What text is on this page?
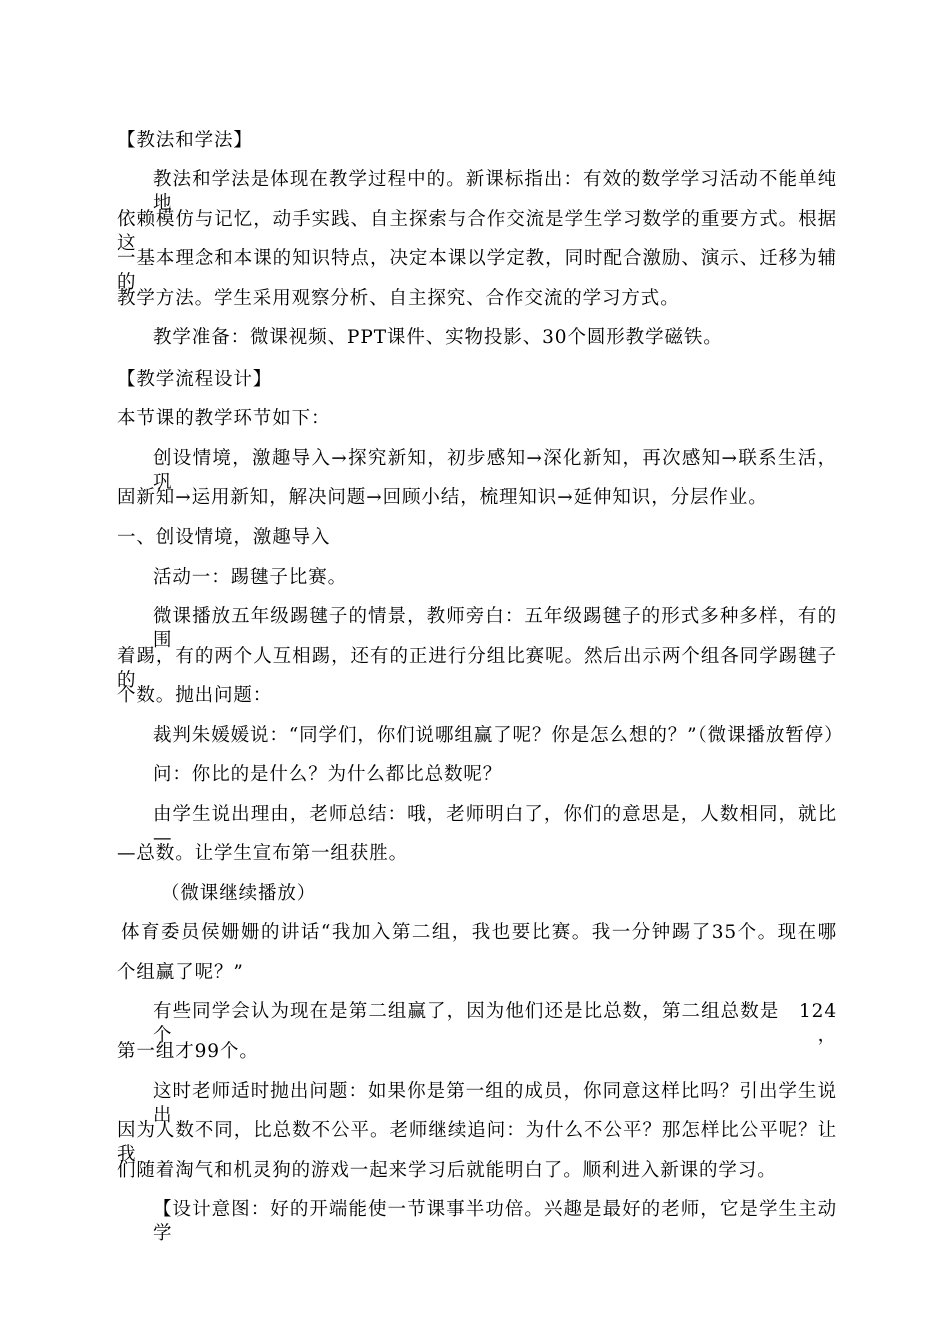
【教法和学法】
教法和学法是体现在教学过程中的。新课标指出：有效的数学学习活动不能单纯地
依赖模仿与记忆，动手实践、自主探索与合作交流是学生学习数学的重要方式。根据这
一基本理念和本课的知识特点，决定本课以学定教，同时配合激励、演示、迁移为辅的
教学方法。学生采用观察分析、自主探究、合作交流的学习方式。
教学准备：微课视频、PPT课件、实物投影、30个圆形教学磁铁。
【教学流程设计】
本节课的教学环节如下：
创设情境，激趣导入→探究新知，初步感知→深化新知，再次感知→联系生活，巩
固新知→运用新知，解决问题→回顾小结，梳理知识→延伸知识，分层作业。
一、创设情境，激趣导入
活动一：踢毽子比赛。
微课播放五年级踢毽子的情景，教师旁白：五年级踢毽子的形式多种多样，有的围
着踢，有的两个人互相踢，还有的正进行分组比赛呢。然后出示两个组各同学踢毽子的
个数。抛出问题：
裁判朱媛媛说：“同学们，你们说哪组赢了呢？你是怎么想的？”（微课播放暂停）
问：你比的是什么？为什么都比总数呢？
由学生说出理由，老师总结：哦，老师明白了，你们的意思是，人数相同，就比—
—总数。让学生宣布第一组获胜。
（微课继续播放）
体育委员侯姗姗的讲话“我加入第二组，我也要比赛。我一分钟踢了35个。现在哪
个组赢了呢？”
有些同学会认为现在是第二组赢了，因为他们还是比总数，第二组总数是　124个，
第一组才99个。
这时老师适时抛出问题：如果你是第一组的成员，你同意这样比吗？引出学生说出
因为人数不同，比总数不公平。老师继续追问：为什么不公平？那怎样比公平呢？让我
们随着淘气和机灵狗的游戏一起来学习后就能明白了。顺利进入新课的学习。
【设计意图：好的开端能使一节课事半功倍。兴趣是最好的老师，它是学生主动学
